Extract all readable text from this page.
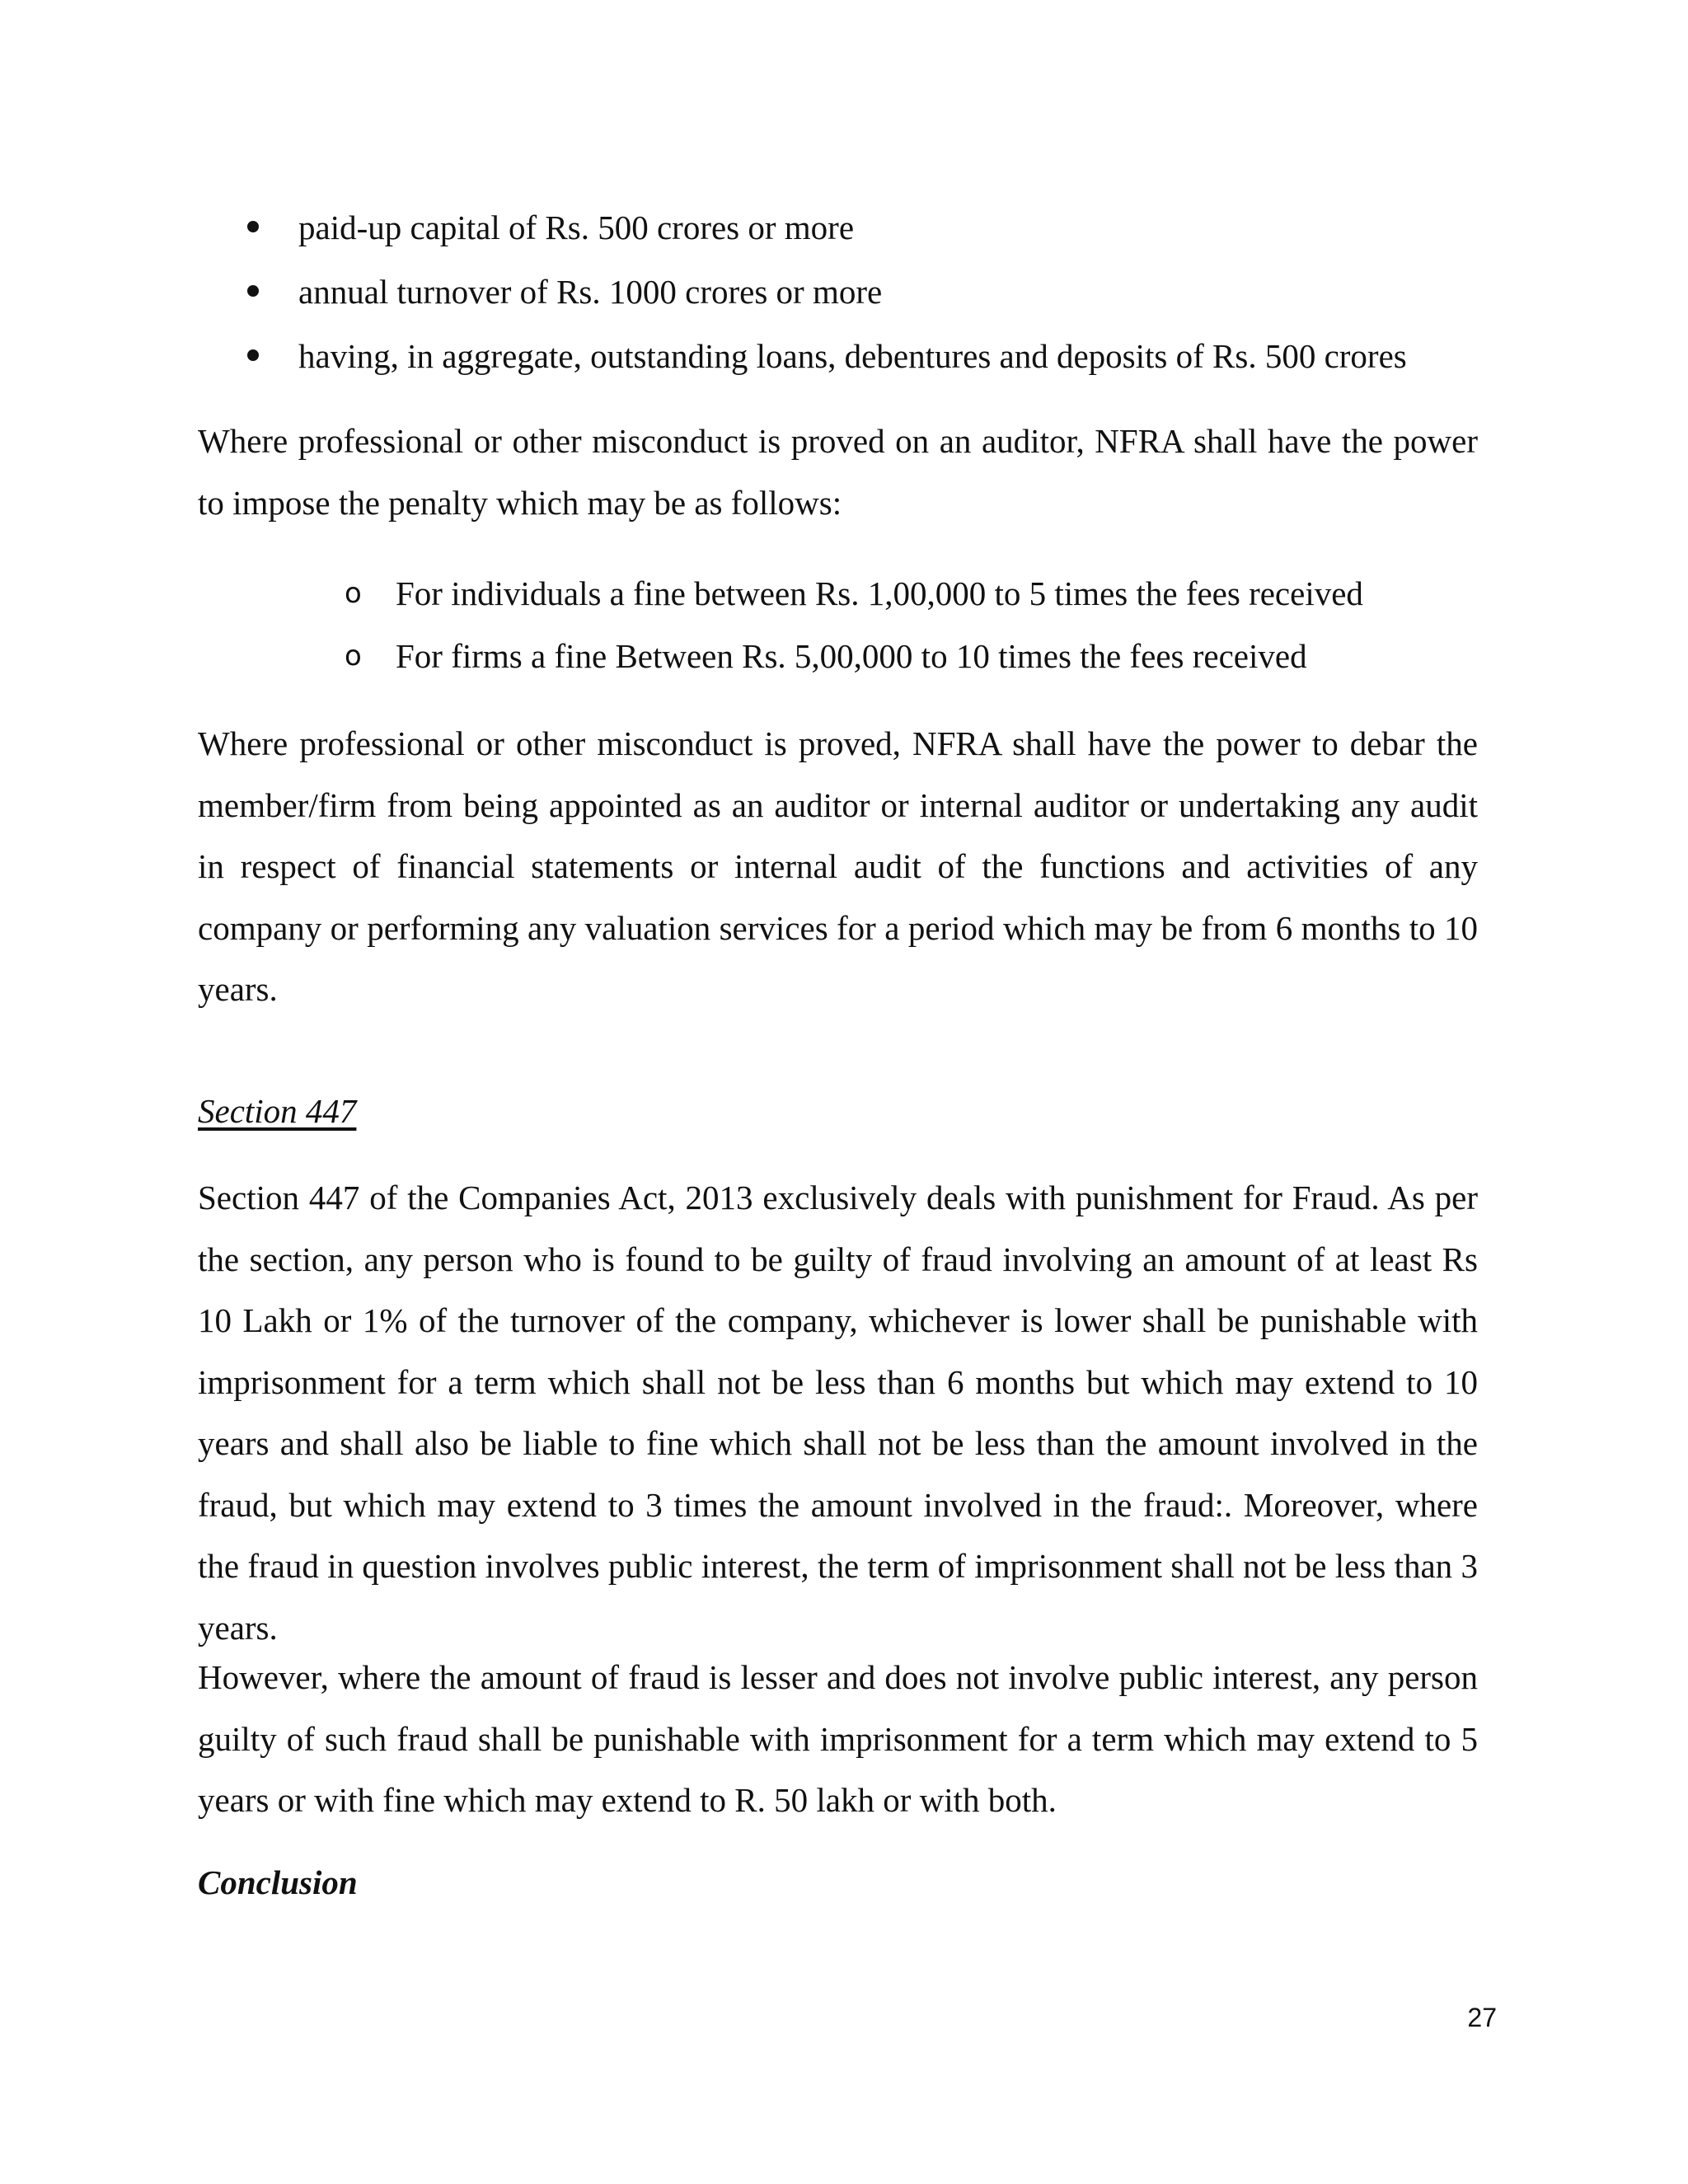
paid-up capital of Rs. 500 crores or more
annual turnover of Rs. 1000 crores or more
having, in aggregate, outstanding loans, debentures and deposits of Rs. 500 crores

Where professional or other misconduct is proved on an auditor, NFRA shall have the power to impose the penalty which may be as follows:

o For individuals a fine between Rs. 1,00,000 to 5 times the fees received
o For firms a fine Between Rs. 5,00,000 to 10 times the fees received

Where professional or other misconduct is proved, NFRA shall have the power to debar the member/firm from being appointed as an auditor or internal auditor or undertaking any audit in respect of financial statements or internal audit of the functions and activities of any company or performing any valuation services for a period which may be from 6 months to 10 years.

Section 447

Section 447 of the Companies Act, 2013 exclusively deals with punishment for Fraud. As per the section, any person who is found to be guilty of fraud involving an amount of at least Rs 10 Lakh or 1% of the turnover of the company, whichever is lower shall be punishable with imprisonment for a term which shall not be less than 6 months but which may extend to 10 years and shall also be liable to fine which shall not be less than the amount involved in the fraud, but which may extend to 3 times the amount involved in the fraud:. Moreover, where the fraud in question involves public interest, the term of imprisonment shall not be less than 3 years.

However, where the amount of fraud is lesser and does not involve public interest, any person guilty of such fraud shall be punishable with imprisonment for a term which may extend to 5 years or with fine which may extend to R. 50 lakh or with both.

Conclusion
27
